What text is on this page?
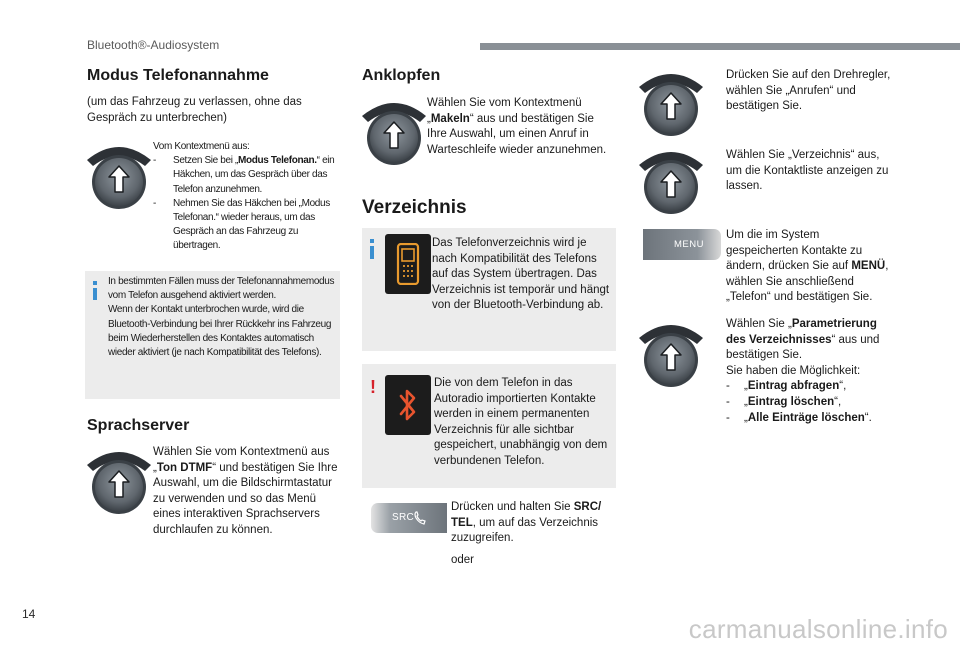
Bluetooth®-Audiosystem
Modus Telefonannahme
(um das Fahrzeug zu verlassen, ohne das Gespräch zu unterbrechen)
Vom Kontextmenü aus:
- Setzen Sie bei „Modus Telefonan.“ ein Häkchen, um das Gespräch über das Telefon anzunehmen.
- Nehmen Sie das Häkchen bei „Modus Telefonan.“ wieder heraus, um das Gespräch an das Fahrzeug zu übertragen.
In bestimmten Fällen muss der Telefonannahmemodus vom Telefon ausgehend aktiviert werden.
Wenn der Kontakt unterbrochen wurde, wird die Bluetooth-Verbindung bei Ihrer Rückkehr ins Fahrzeug beim Wiederherstellen des Kontaktes automatisch wieder aktiviert (je nach Kompatibilität des Telefons).
Sprachserver
Wählen Sie vom Kontextmenü aus „Ton DTMF“ und bestätigen Sie Ihre Auswahl, um die Bildschirmtastatur zu verwenden und so das Menü eines interaktiven Sprachservers durchlaufen zu können.
Anklopfen
Wählen Sie vom Kontextmenü „Makeln“ aus und bestätigen Sie Ihre Auswahl, um einen Anruf in Warteschleife wieder anzunehmen.
Verzeichnis
Das Telefonverzeichnis wird je nach Kompatibilität des Telefons auf das System übertragen. Das Verzeichnis ist temporär und hängt von der Bluetooth-Verbindung ab.
!	Die von dem Telefon in das Autoradio importierten Kontakte werden in einem permanenten Verzeichnis für alle sichtbar gespeichert, unabhängig von dem verbundenen Telefon.
SRC
Drücken und halten Sie SRC/
TEL, um auf das Verzeichnis zuzugreifen.
oder
Drücken Sie auf den Drehregler, wählen Sie „Anrufen“ und bestätigen Sie.
Wählen Sie „Verzeichnis“ aus, um die Kontaktliste anzeigen zu lassen.
MENU
Um die im System gespeicherten Kontakte zu ändern, drücken Sie auf MENÜ, wählen Sie anschließend „Telefon“ und bestätigen Sie.
Wählen Sie „Parametrierung des Verzeichnisses“ aus und bestätigen Sie.
Sie haben die Möglichkeit:
- „Eintrag abfragen“,
- „Eintrag löschen“,
- „Alle Einträge löschen“.
14	carmanualsonline.info
